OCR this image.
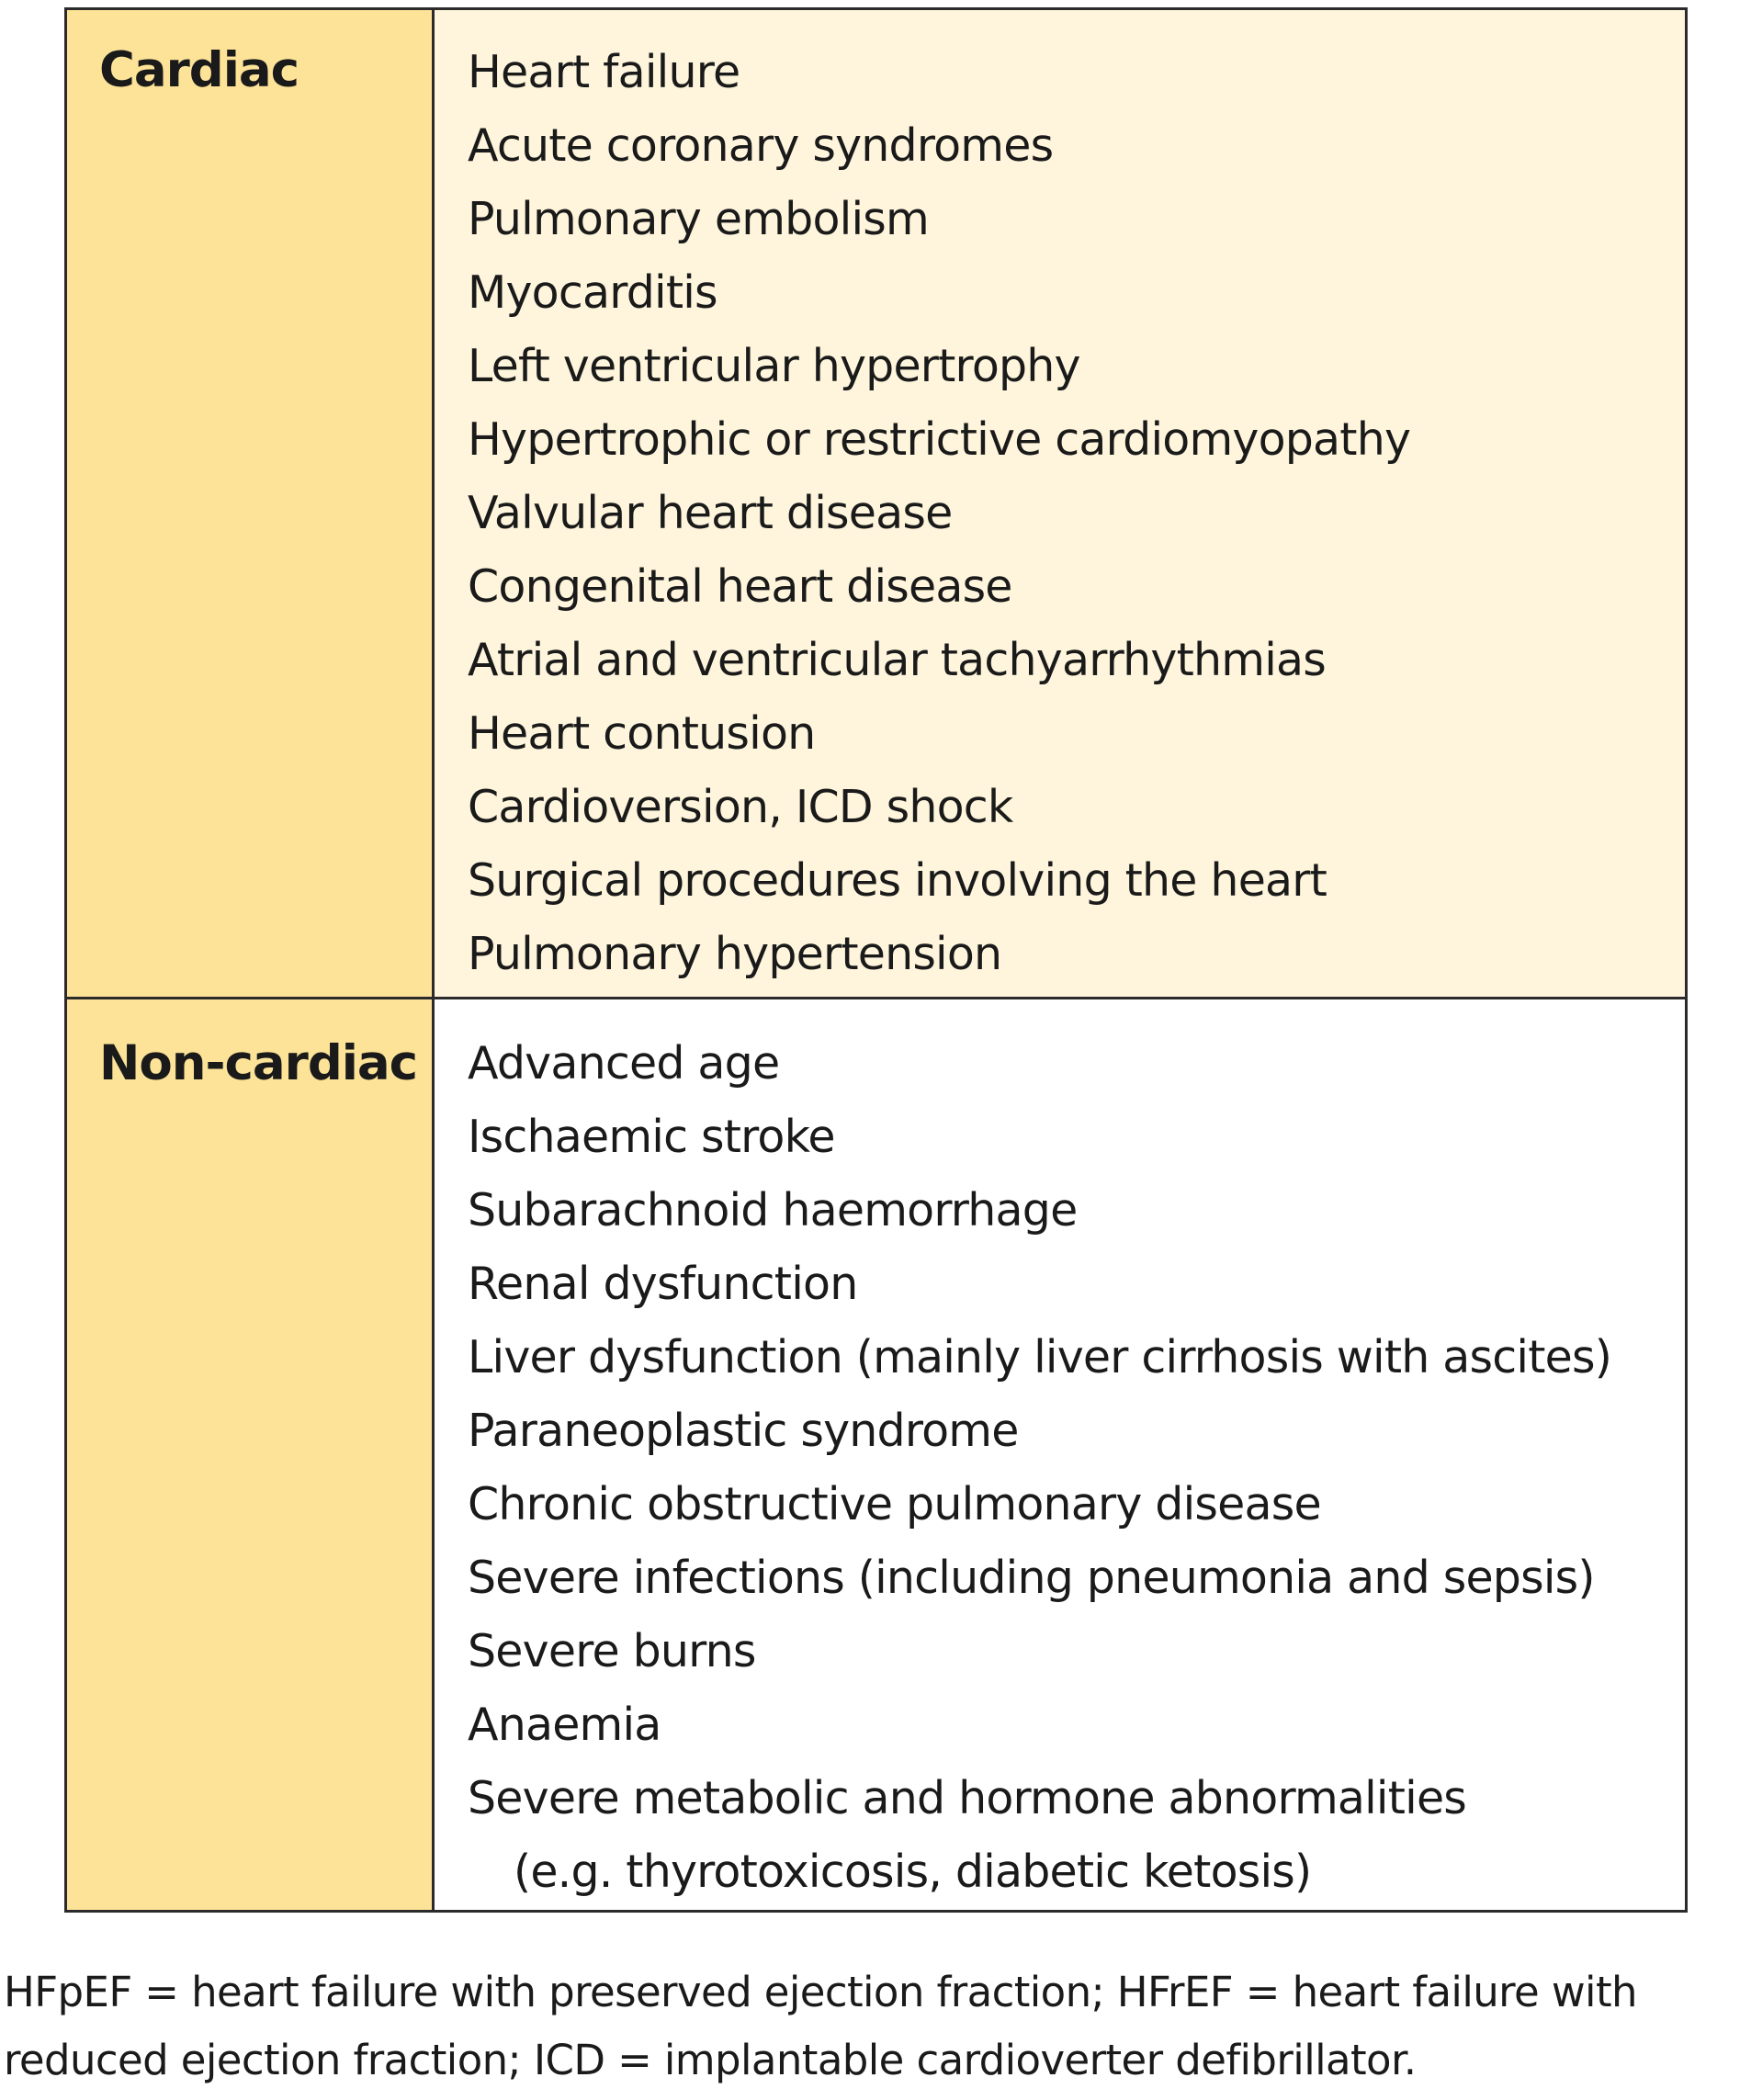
Cardiac	Heart failure
Acute coronary syndromes
Pulmonary embolism
Myocarditis
Left ventricular hypertrophy
Hypertrophic or restrictive cardiomyopathy
Valvular heart disease
Congenital heart disease
Atrial and ventricular tachyarrhythmias
Heart contusion
Cardioversion, ICD shock
Surgical procedures involving the heart
Pulmonary hypertension
Non-cardiac Advanced age
Ischaemic stroke
Subarachnoid haemorrhage
Renal dysfunction
Liver dysfunction (mainly liver cirrhosis with ascites)
Paraneoplastic syndrome
Chronic obstructive pulmonary disease
Severe infections (including pneumonia and sepsis)
Severe burns
Anaemia
Severe metabolic and hormone abnormalities
(e.g. thyrotoxicosis, diabetic ketosis)
HFpEF = heart failure with preserved ejection fraction; HFrEF = heart failure with
reduced ejection fraction; ICD = implantable cardioverter defibrillator.
